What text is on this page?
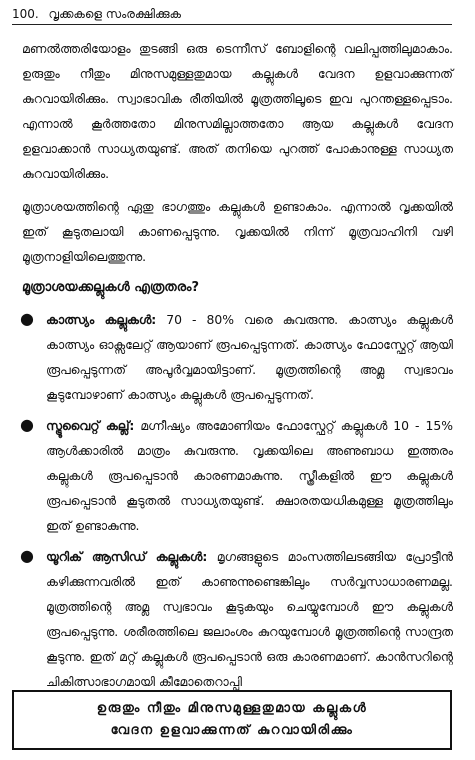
100. വൃക്കകളെ സംരക്ഷിക്കുക

മണൽത്തരിയോളം തുടങ്ങി ഒരു ടെന്നീസ് ബോളിന്റെ വലിപ്പത്തിലുമാകാം. ഉരുതും നീതും മിനുസമുള്ളതുമായ കല്ലുകൾ വേദന ഉളവാക്കുന്നത് കുറവായിരിക്കും. സ്വാഭാവിക രീതിയിൽ മൂത്രത്തിലൂടെ ഇവ പുറന്തള്ളപ്പെടാം. എന്നാൽ കൂർത്തതോ മിനുസമില്ലാത്തതോ ആയ കല്ലുകൾ വേദന ഉളവാക്കാൻ സാധ്യതയുണ്ട്. അത് തനിയെ പുറത്ത് പോകാനുള്ള സാധ്യത കുറവായിരിക്കും.

മൂത്രാശയത്തിന്റെ ഏതു ഭാഗത്തും കല്ലുകൾ ഉണ്ടാകാം. എന്നാൽ വൃക്കയിൽ ഇത് കൂടുതലായി കാണപ്പെടുന്നു. വൃക്കയിൽ നിന്ന് മൂത്രവാഹിനി വഴി മൂത്രനാളിയിലെത്തുന്നു.

മൂത്രാശയക്കല്ലുകൾ എത്രതരം?
● കാത്സ്യം കല്ലുകൾ: 70 - 80% വരെ കുവരുന്നു. കാത്സ്യം കല്ലുകൾ കാത്സ്യം ഓക്സലേറ്റ് ആയാണ് രൂപപ്പെടുന്നത്. കാത്സ്യം ഫോസ്ഫേറ്റ് ആയി രൂപപ്പെടുന്നത് അപൂർവ്വമായിട്ടാണ്. മൂത്രത്തിന്റെ അമ്ല സ്വഭാവം കൂടുമ്പോഴാണ് കാത്സ്യം കല്ലുകൾ രൂപപ്പെടുന്നത്.
● സ്ട്രൂവൈറ്റ് കല്ല്: മഗ്നീഷ്യം അമോണിയം ഫോസ്ഫേറ്റ് കല്ലുകൾ 10 - 15% ആൾക്കാരിൽ മാത്രം കുവരുന്നു. വൃക്കയിലെ അണുബാധ ഇത്തരം കല്ലുകൾ രൂപപ്പെടാൻ കാരണമാകുന്നു. സ്ത്രീകളിൽ ഈ കല്ലുകൾ രൂപപ്പെടാൻ കൂടുതൽ സാധ്യതയുണ്ട്. ക്ഷാരതയധികമുള്ള മൂത്രത്തിലും ഇത് ഉണ്ടാകുന്നു.
● യൂറിക് ആസിഡ് കല്ലുകൾ: മൃഗങ്ങളുടെ മാംസത്തിലടങ്ങിയ പ്രോട്ടീൻ കഴിക്കുന്നവരിൽ ഇത് കാണുന്നുണ്ടെങ്കിലും സർവ്വസാധാരണമല്ല. മൂത്രത്തിന്റെ അമ്ല സ്വഭാവം കൂടുകയും ചെയ്യുമ്പോൾ ഈ കല്ലുകൾ രൂപപ്പെടുന്നു. ശരീരത്തിലെ ജലാംശം കുറയുമ്പോൾ മൂത്രത്തിന്റെ സാന്ദ്രത കൂടുന്നു. ഇത് മറ്റ് കല്ലുകൾ രൂപപ്പെടാൻ ഒരു കാരണമാണ്. കാൻസറിന്റെ ചികിത്സാഭാഗമായി കീമോതെറാപ്പി
ഉരുതും നീതും മിനുസമുള്ളതുമായ കല്ലുകൾ
വേദന ഉളവാക്കുന്നത് കുറവായിരിക്കും
